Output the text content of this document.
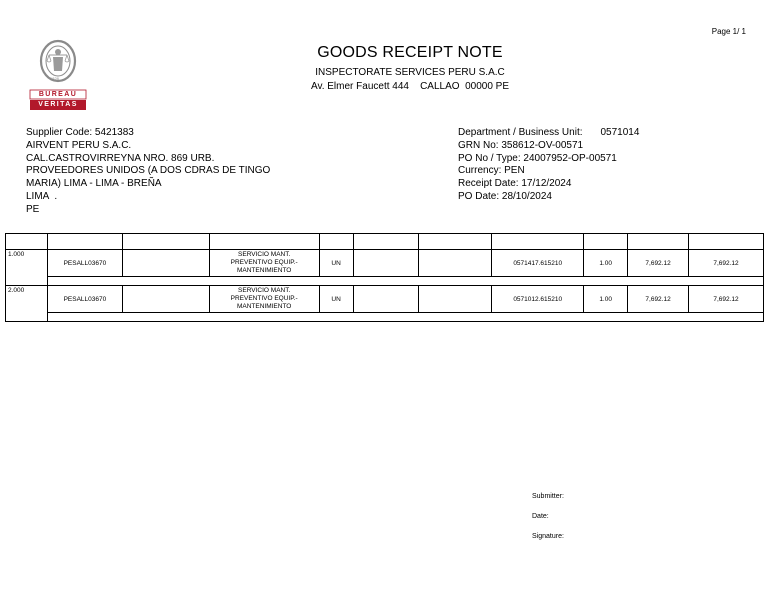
Page 1/ 1
1828
BUREAU
VERITAS
GOODS RECEIPT NOTE
INSPECTORATE SERVICES PERU S.A.C
Av. Elmer Faucett 444    CALLAO  00000 PE
Supplier Code: 5421383
AIRVENT PERU S.A.C.
CAL.CASTROVIRREYNA NRO. 869 URB.
PROVEEDORES UNIDOS (A DOS CDRAS DE TINGO
MARIA) LIMA - LIMA - BREÑA
LIMA  .
PE
Department / Business Unit: 0571014
GRN No: 358612-OV-00571
PO No / Type: 24007952-OP-00571
Currency: PEN
Receipt Date: 17/12/2024
PO Date: 28/10/2024

1.000	PESALL03670		SERVICIO MANT.
PREVENTIVO EQUIP.-
MANTENIMIENTO	UN			0571417.615210	1.00	7,692.12	7,692.12

2.000	PESALL03670		SERVICIO MANT.
PREVENTIVO EQUIP.-
MANTENIMIENTO	UN			0571012.615210	1.00	7,692.12	7,692.12

Submitter:
Date:
Signature:
